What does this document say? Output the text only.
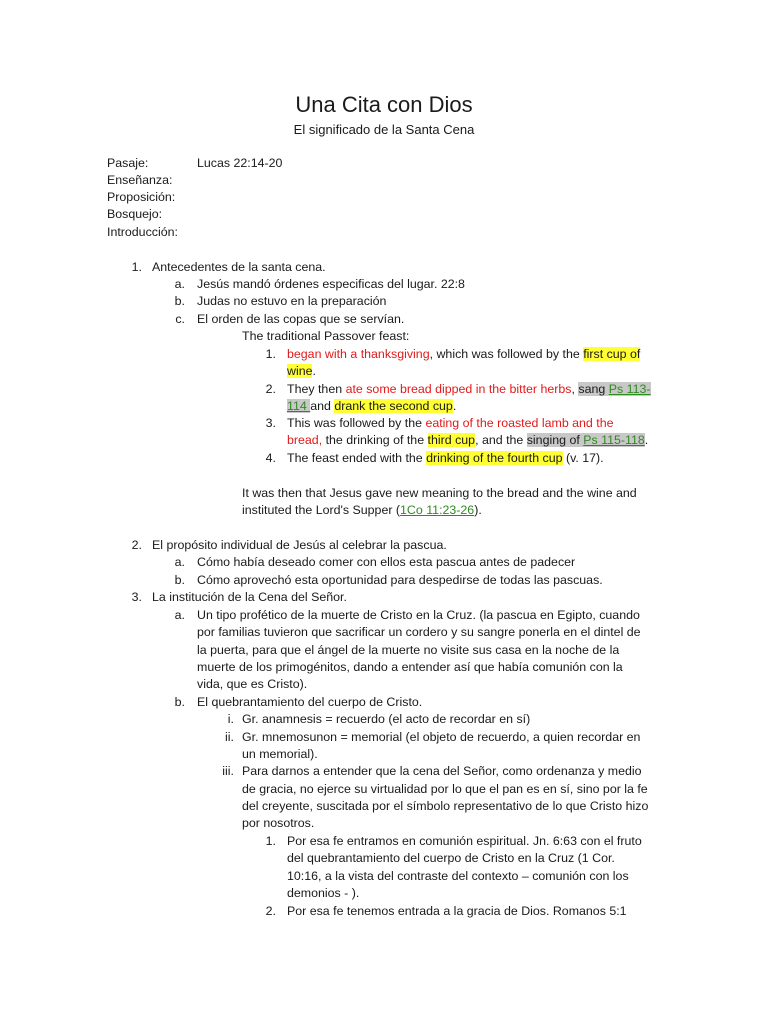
Una Cita con Dios
El significado de la Santa Cena
Pasaje:	Lucas 22:14-20
Enseñanza:
Proposición:
Bosquejo:
Introducción:
1. Antecedentes de la santa cena.
a. Jesús mandó órdenes especificas del lugar. 22:8
b. Judas no estuvo en la preparación
c. El orden de las copas que se servían.
The traditional Passover feast:
1. began with a thanksgiving, which was followed by the first cup of
wine.
2. They then ate some bread dipped in the bitter herbs, sang Ps 113-
114 and drank the second cup.
3. This was followed by the eating of the roasted lamb and the
bread, the drinking of the third cup, and the singing of Ps 115-118.
4. The feast ended with the drinking of the fourth cup (v. 17).
It was then that Jesus gave new meaning to the bread and the wine and
instituted the Lord's Supper (1Co 11:23-26).
2. El propósito individual de Jesús al celebrar la pascua.
a. Cómo había deseado comer con ellos esta pascua antes de padecer
b. Cómo aprovechó esta oportunidad para despedirse de todas las pascuas.
3. La institución de la Cena del Señor.
a. Un tipo profético de la muerte de Cristo en la Cruz. (la pascua en Egipto, cuando
por familias tuvieron que sacrificar un cordero y su sangre ponerla en el dintel de
la puerta, para que el ángel de la muerte no visite sus casa en la noche de la
muerte de los primogénitos, dando a entender así que había comunión con la
vida, que es Cristo).
b. El quebrantamiento del cuerpo de Cristo.
i. Gr. anamnesis = recuerdo (el acto de recordar en sí)
ii. Gr. mnemosunon = memorial (el objeto de recuerdo, a quien recordar en
un memorial).
iii. Para darnos a entender que la cena del Señor, como ordenanza y medio
de gracia, no ejerce su virtualidad por lo que el pan es en sí, sino por la fe
del creyente, suscitada por el símbolo representativo de lo que Cristo hizo
por nosotros.
1. Por esa fe entramos en comunión espiritual. Jn. 6:63 con el fruto
del quebrantamiento del cuerpo de Cristo en la Cruz (1 Cor.
10:16, a la vista del contraste del contexto – comunión con los
demonios - ).
2. Por esa fe tenemos entrada a la gracia de Dios. Romanos 5:1
